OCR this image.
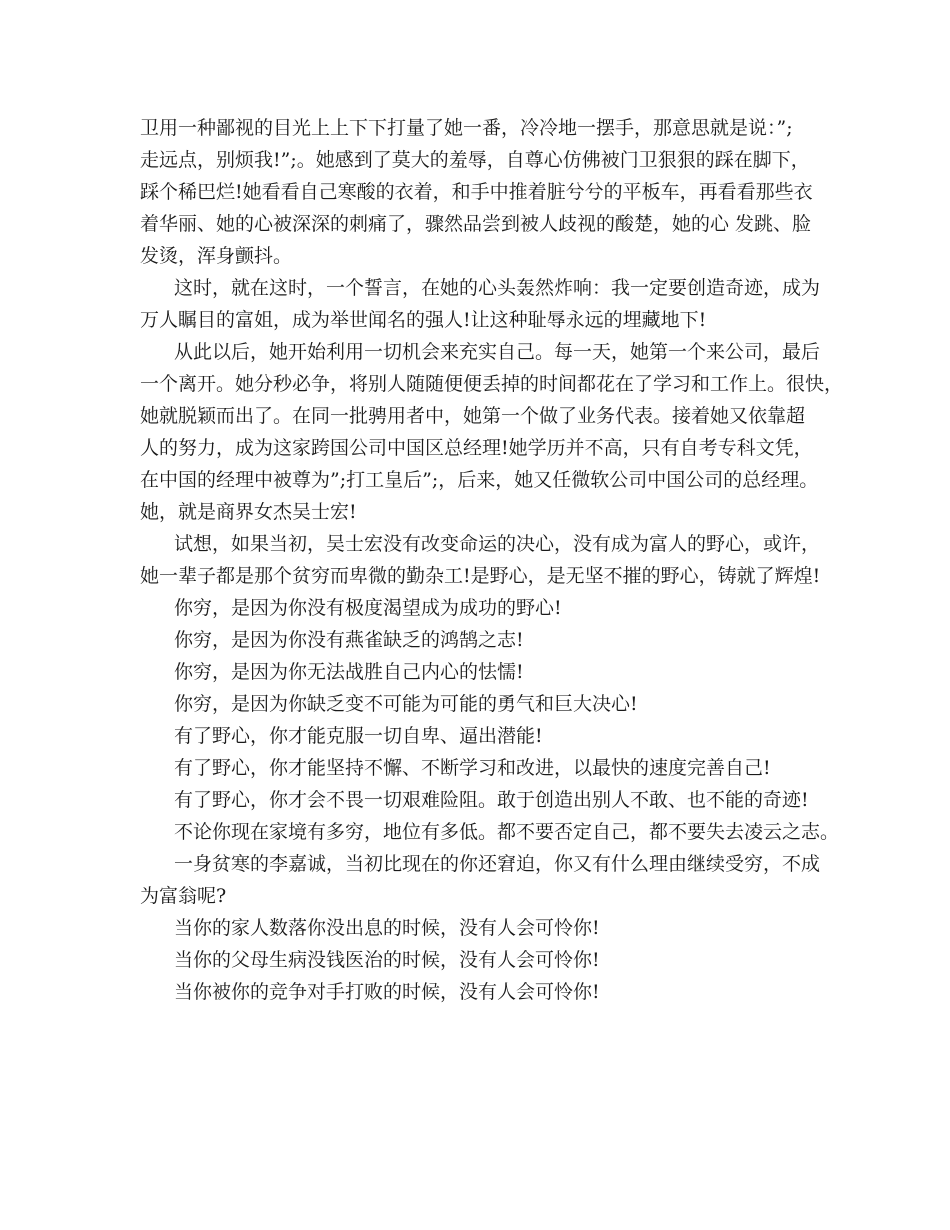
卫用一种鄙视的目光上上下下打量了她一番，冷冷地一摆手，那意思就是说：”;
走远点，别烦我!”;。她感到了莫大的羞辱，自尊心仿佛被门卫狠狠的踩在脚下，
踩个稀巴烂!她看看自己寒酸的衣着，和手中推着脏兮兮的平板车，再看看那些衣
着华丽、她的心被深深的刺痛了，骤然品尝到被人歧视的酸楚，她的心 发跳、脸
发烫，浑身颤抖。
这时，就在这时，一个誓言，在她的心头轰然炸响：我一定要创造奇迹，成为
万人瞩目的富姐，成为举世闻名的强人!让这种耻辱永远的埋藏地下!
从此以后，她开始利用一切机会来充实自己。每一天，她第一个来公司，最后
一个离开。她分秒必争，将别人随随便便丢掉的时间都花在了学习和工作上。很快，
她就脱颖而出了。在同一批骋用者中，她第一个做了业务代表。接着她又依靠超
人的努力，成为这家跨国公司中国区总经理!她学历并不高，只有自考专科文凭，
在中国的经理中被尊为”;打工皇后”;，后来，她又任微软公司中国公司的总经理。
她，就是商界女杰吴士宏!
试想，如果当初，吴士宏没有改变命运的决心，没有成为富人的野心，或许，
她一辈子都是那个贫穷而卑微的勤杂工!是野心，是无坚不摧的野心，铸就了辉煌!
你穷，是因为你没有极度渴望成为成功的野心!
你穷，是因为你没有燕雀缺乏的鸿鹄之志!
你穷，是因为你无法战胜自己内心的怯懦!
你穷，是因为你缺乏变不可能为可能的勇气和巨大决心!
有了野心，你才能克服一切自卑、逼出潜能!
有了野心，你才能坚持不懈、不断学习和改进，以最快的速度完善自己!
有了野心，你才会不畏一切艰难险阻。敢于创造出别人不敢、也不能的奇迹!
不论你现在家境有多穷，地位有多低。都不要否定自己，都不要失去凌云之志。
一身贫寒的李嘉诚，当初比现在的你还窘迫，你又有什么理由继续受穷，不成
为富翁呢?
当你的家人数落你没出息的时候，没有人会可怜你!
当你的父母生病没钱医治的时候，没有人会可怜你!
当你被你的竞争对手打败的时候，没有人会可怜你!
